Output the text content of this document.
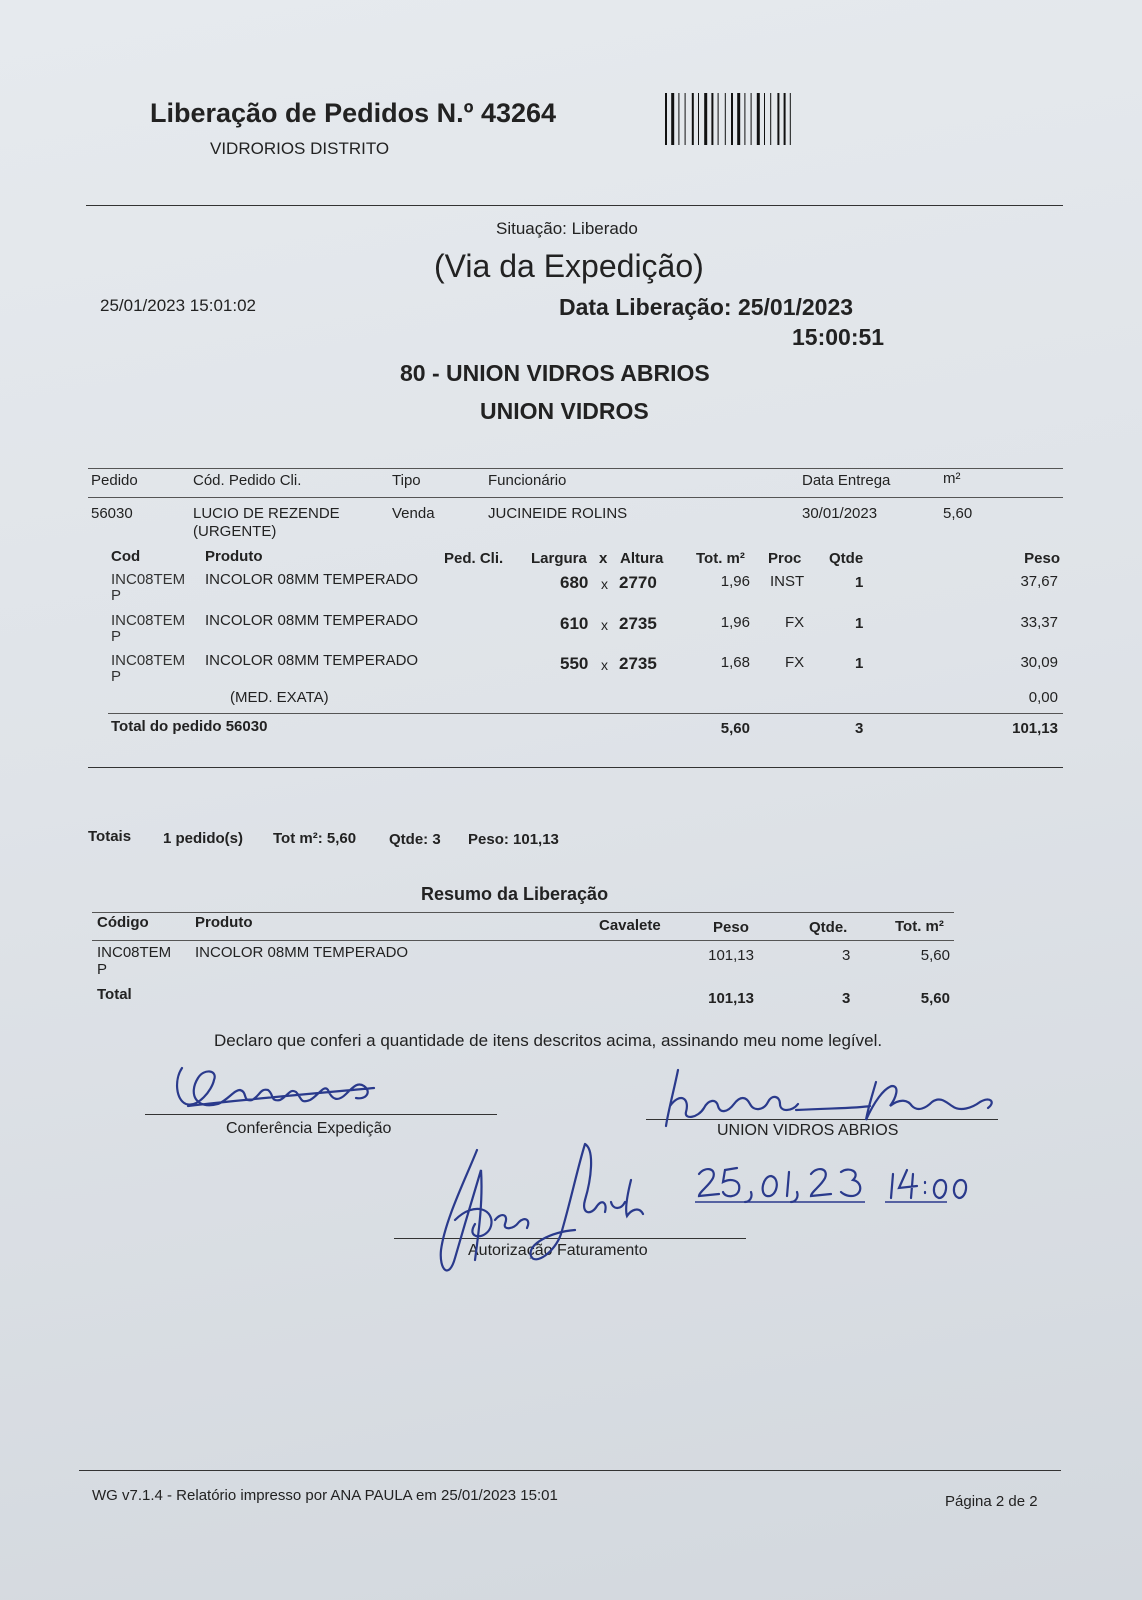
Liberação de Pedidos N.º 43264
VIDRORIOS DISTRITO
Situação: Liberado
(Via da Expedição)
25/01/2023 15:01:02	Data Liberação: 25/01/2023
15:00:51
80 - UNION VIDROS ABRIOS
UNION VIDROS
Pedido	Cód. Pedido Cli.	Tipo	Funcionário	Data Entrega	m²
56030	LUCIO DE REZENDE
(URGENTE)
Venda	JUCINEIDE ROLINS	30/01/2023	5,60
Cod	Produto	Ped. Cli. Largura x Altura Tot. m² Proc Qtde	Peso
INC08TEM
P
INCOLOR 08MM TEMPERADO	680 x 2770	1,96 INST	1	37,67
INC08TEM
P
INCOLOR 08MM TEMPERADO	610 x 2735	1,96 FX	1	33,37
INC08TEM
P
INCOLOR 08MM TEMPERADO	550 x 2735	1,68 FX	1	30,09
(MED. EXATA)	0,00
Total do pedido 56030	5,60	3	101,13
Totais 1 pedido(s) Tot m²: 5,60 Qtde: 3 Peso: 101,13
Resumo da Liberação
Código	Produto	Cavalete	Peso	Qtde.	Tot. m²
INC08TEM
P
INCOLOR 08MM TEMPERADO	101,13	3	5,60
Total	101,13	3	5,60
Declaro que conferi a quantidade de itens descritos acima, assinando meu nome legível.
Conferência Expedição	UNION VIDROS ABRIOS
Autorização Faturamento
WG v7.1.4 - Relatório impresso por ANA PAULA em 25/01/2023 15:01	Página 2 de 2
